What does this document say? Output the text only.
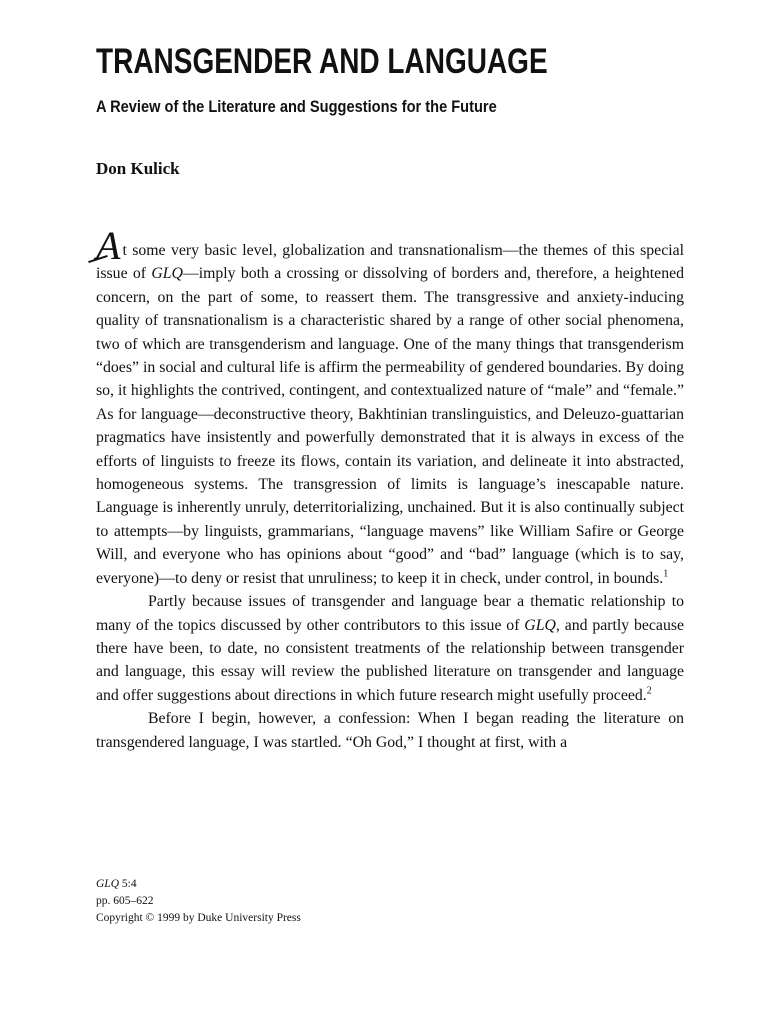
TRANSGENDER AND LANGUAGE
A Review of the Literature and Suggestions for the Future
Don Kulick

At some very basic level, globalization and transnationalism—the themes of this special issue of GLQ—imply both a crossing or dissolving of borders and, therefore, a heightened concern, on the part of some, to reassert them. The transgressive and anxiety-inducing quality of transnationalism is a characteristic shared by a range of other social phenomena, two of which are transgenderism and language. One of the many things that transgenderism “does” in social and cultural life is affirm the permeability of gendered boundaries. By doing so, it highlights the contrived, contingent, and contextualized nature of “male” and “female.” As for language—deconstructive theory, Bakhtinian translinguistics, and Deleuzo-guattarian pragmatics have insistently and powerfully demonstrated that it is always in excess of the efforts of linguists to freeze its flows, contain its variation, and delineate it into abstracted, homogeneous systems. The transgression of limits is language’s inescapable nature. Language is inherently unruly, deterritorializing, unchained. But it is also continually subject to attempts—by linguists, grammarians, “language mavens” like William Safire or George Will, and everyone who has opinions about “good” and “bad” language (which is to say, everyone)—to deny or resist that unruliness; to keep it in check, under control, in bounds.$^1$

Partly because issues of transgender and language bear a thematic relationship to many of the topics discussed by other contributors to this issue of GLQ, and partly because there have been, to date, no consistent treatments of the relationship between transgender and language, this essay will review the published literature on transgender and language and offer suggestions about directions in which future research might usefully proceed.$^2$

Before I begin, however, a confession: When I began reading the literature on transgendered language, I was startled. “Oh God,” I thought at first, with a

GLQ 5:4
pp. 605–622
Copyright © 1999 by Duke University Press
